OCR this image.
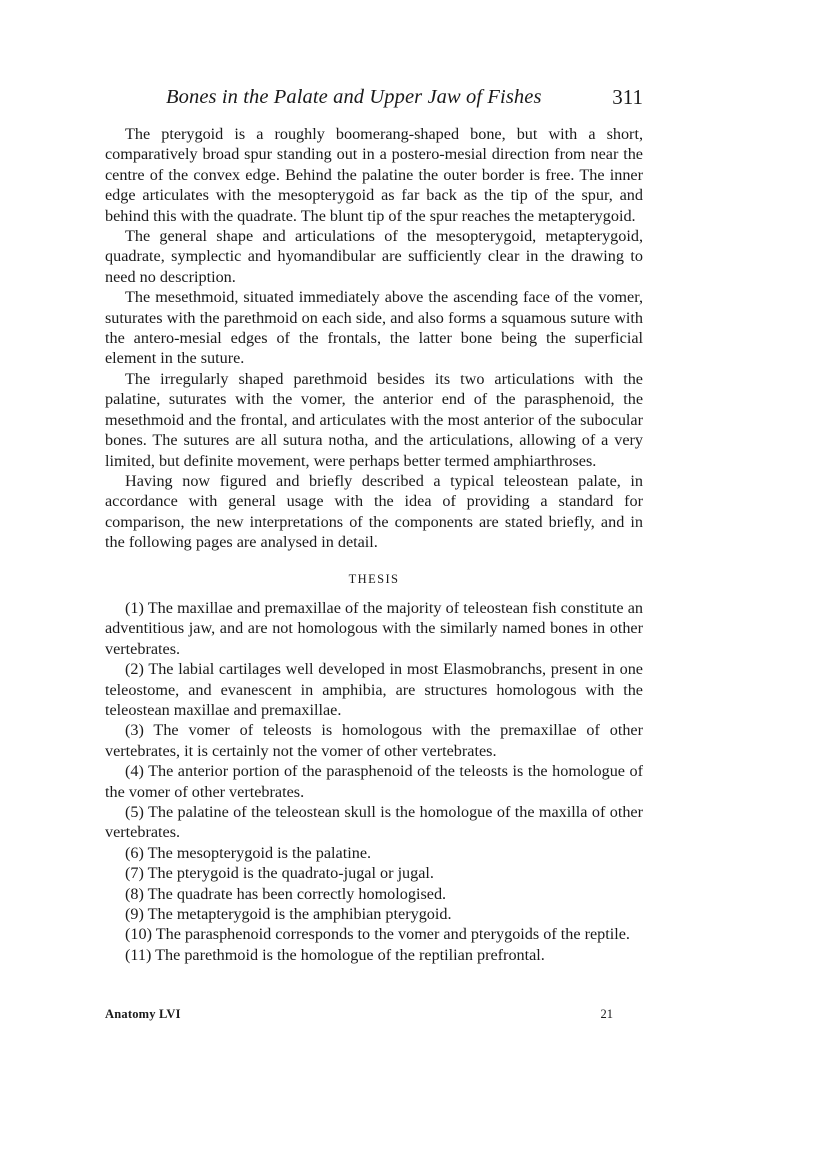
Bones in the Palate and Upper Jaw of Fishes	311

The pterygoid is a roughly boomerang-shaped bone, but with a short, comparatively broad spur standing out in a postero-mesial direction from near the centre of the convex edge. Behind the palatine the outer border is free. The inner edge articulates with the mesopterygoid as far back as the tip of the spur, and behind this with the quadrate. The blunt tip of the spur reaches the metapterygoid.

The general shape and articulations of the mesopterygoid, metapterygoid, quadrate, symplectic and hyomandibular are sufficiently clear in the drawing to need no description.

The mesethmoid, situated immediately above the ascending face of the vomer, suturates with the parethmoid on each side, and also forms a squamous suture with the antero-mesial edges of the frontals, the latter bone being the superficial element in the suture.

The irregularly shaped parethmoid besides its two articulations with the palatine, suturates with the vomer, the anterior end of the parasphenoid, the mesethmoid and the frontal, and articulates with the most anterior of the subocular bones. The sutures are all sutura notha, and the articulations, allowing of a very limited, but definite movement, were perhaps better termed amphiarthroses.

Having now figured and briefly described a typical teleostean palate, in accordance with general usage with the idea of providing a standard for comparison, the new interpretations of the components are stated briefly, and in the following pages are analysed in detail.

THESIS

(1) The maxillae and premaxillae of the majority of teleostean fish constitute an adventitious jaw, and are not homologous with the similarly named bones in other vertebrates.

(2) The labial cartilages well developed in most Elasmobranchs, present in one teleostome, and evanescent in amphibia, are structures homologous with the teleostean maxillae and premaxillae.

(3) The vomer of teleosts is homologous with the premaxillae of other vertebrates, it is certainly not the vomer of other vertebrates.

(4) The anterior portion of the parasphenoid of the teleosts is the homologue of the vomer of other vertebrates.

(5) The palatine of the teleostean skull is the homologue of the maxilla of other vertebrates.

(6) The mesopterygoid is the palatine.

(7) The pterygoid is the quadrato-jugal or jugal.

(8) The quadrate has been correctly homologised.

(9) The metapterygoid is the amphibian pterygoid.

(10) The parasphenoid corresponds to the vomer and pterygoids of the reptile.

(11) The parethmoid is the homologue of the reptilian prefrontal.

Anatomy LVI	21
